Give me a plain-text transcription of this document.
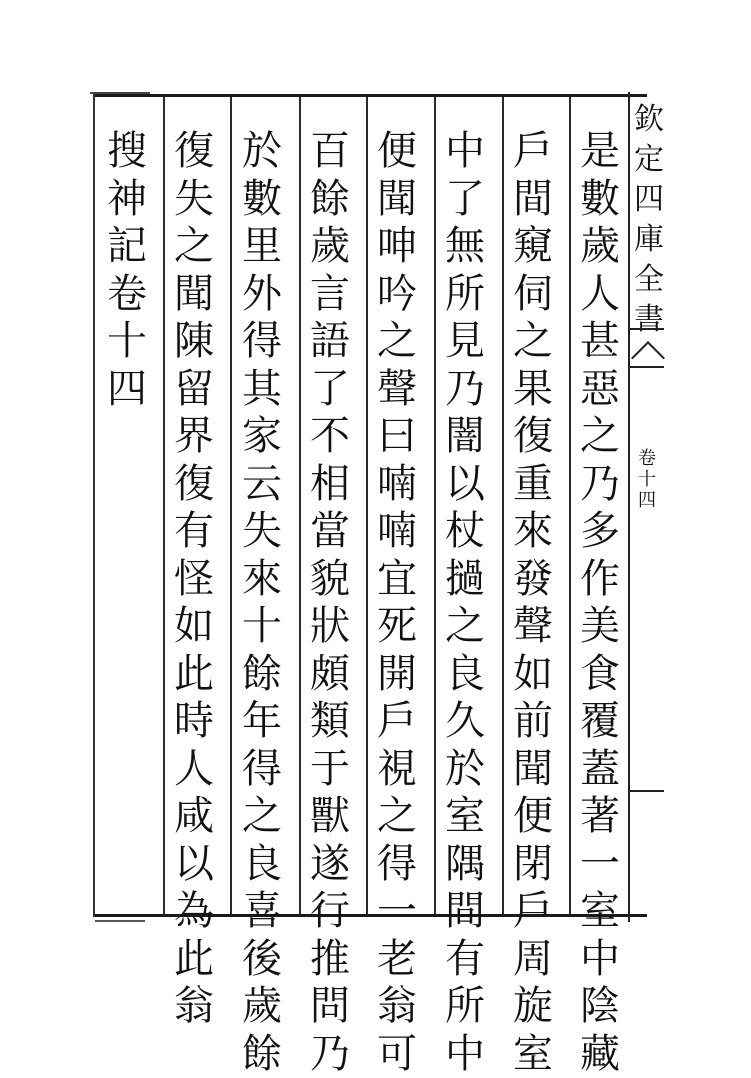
欽
定
四
庫
全
書
卷
十
四
是
數
歲
人
甚
惡
之
乃
多
作
美
食
覆
蓋
著
一
室
中
陰
藏
戶
間
窺
伺
之
果
復
重
來
發
聲
如
前
聞
便
閉
戶
周
旋
室
中
了
無
所
見
乃
闇
以
杖
撾
之
良
久
於
室
隅
間
有
所
中
便
聞
呻
吟
之
聲
曰
喃
喃
宜
死
開
戶
視
之
得
一
老
翁
可
百
餘
歲
言
語
了
不
相
當
貌
狀
頗
類
于
獸
遂
行
推
問
乃
於
數
里
外
得
其
家
云
失
來
十
餘
年
得
之
良
喜
後
歲
餘
復
失
之
聞
陳
留
界
復
有
怪
如
此
時
人
咸
以
為
此
翁
搜
神
記
卷
十
四
